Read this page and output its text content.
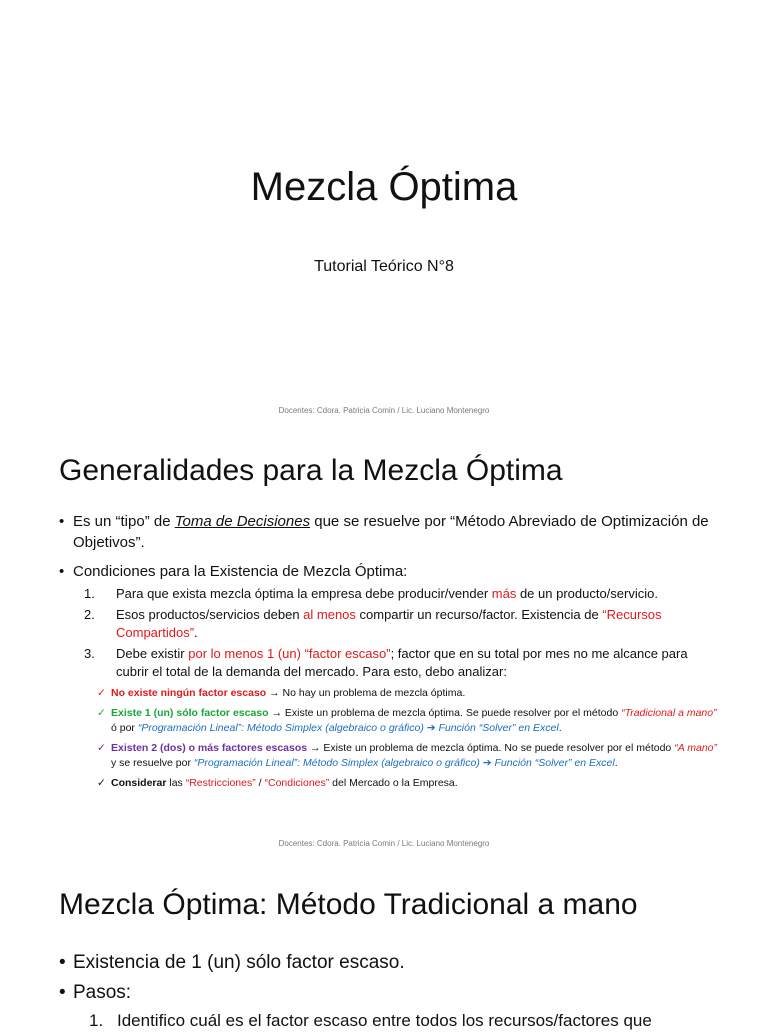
Mezcla Óptima
Tutorial Teórico N°8
Docentes: Cdora. Patricia Comin / Lic. Luciano Montenegro
Generalidades para la Mezcla Óptima
• Es un “tipo” de Toma de Decisiones que se resuelve por “Método Abreviado de Optimización de Objetivos”.
• Condiciones para la Existencia de Mezcla Óptima:
1.	Para que exista mezcla óptima la empresa debe producir/vender más de un producto/servicio.
2.	Esos productos/servicios deben al menos compartir un recurso/factor. Existencia de “Recursos Compartidos”.
3.	Debe existir por lo menos 1 (un) “factor escaso”; factor que en su total por mes no me alcance para cubrir el total de la demanda del mercado. Para esto, debo analizar:
✓ No existe ningún factor escaso → No hay un problema de mezcla óptima.
✓ Existe 1 (un) sólo factor escaso → Existe un problema de mezcla óptima. Se puede resolver por el método “Tradicional a mano” ó por “Programación Lineal”: Método Simplex (algebraico o gráfico) ➔ Función “Solver” en Excel.
✓ Existen 2 (dos) o más factores escasos → Existe un problema de mezcla óptima. No se puede resolver por el método “A mano” y se resuelve por “Programación Lineal”: Método Simplex (algebraico o gráfico) ➔ Función “Solver” en Excel.
✓ Considerar las “Restricciones” / “Condiciones” del Mercado o la Empresa.
Docentes: Cdora. Patricia Comin / Lic. Luciano Montenegro
Mezcla Óptima: Método Tradicional a mano
• Existencia de 1 (un) sólo factor escaso.
• Pasos:
1. Identifico cuál es el factor escaso entre todos los recursos/factores que
